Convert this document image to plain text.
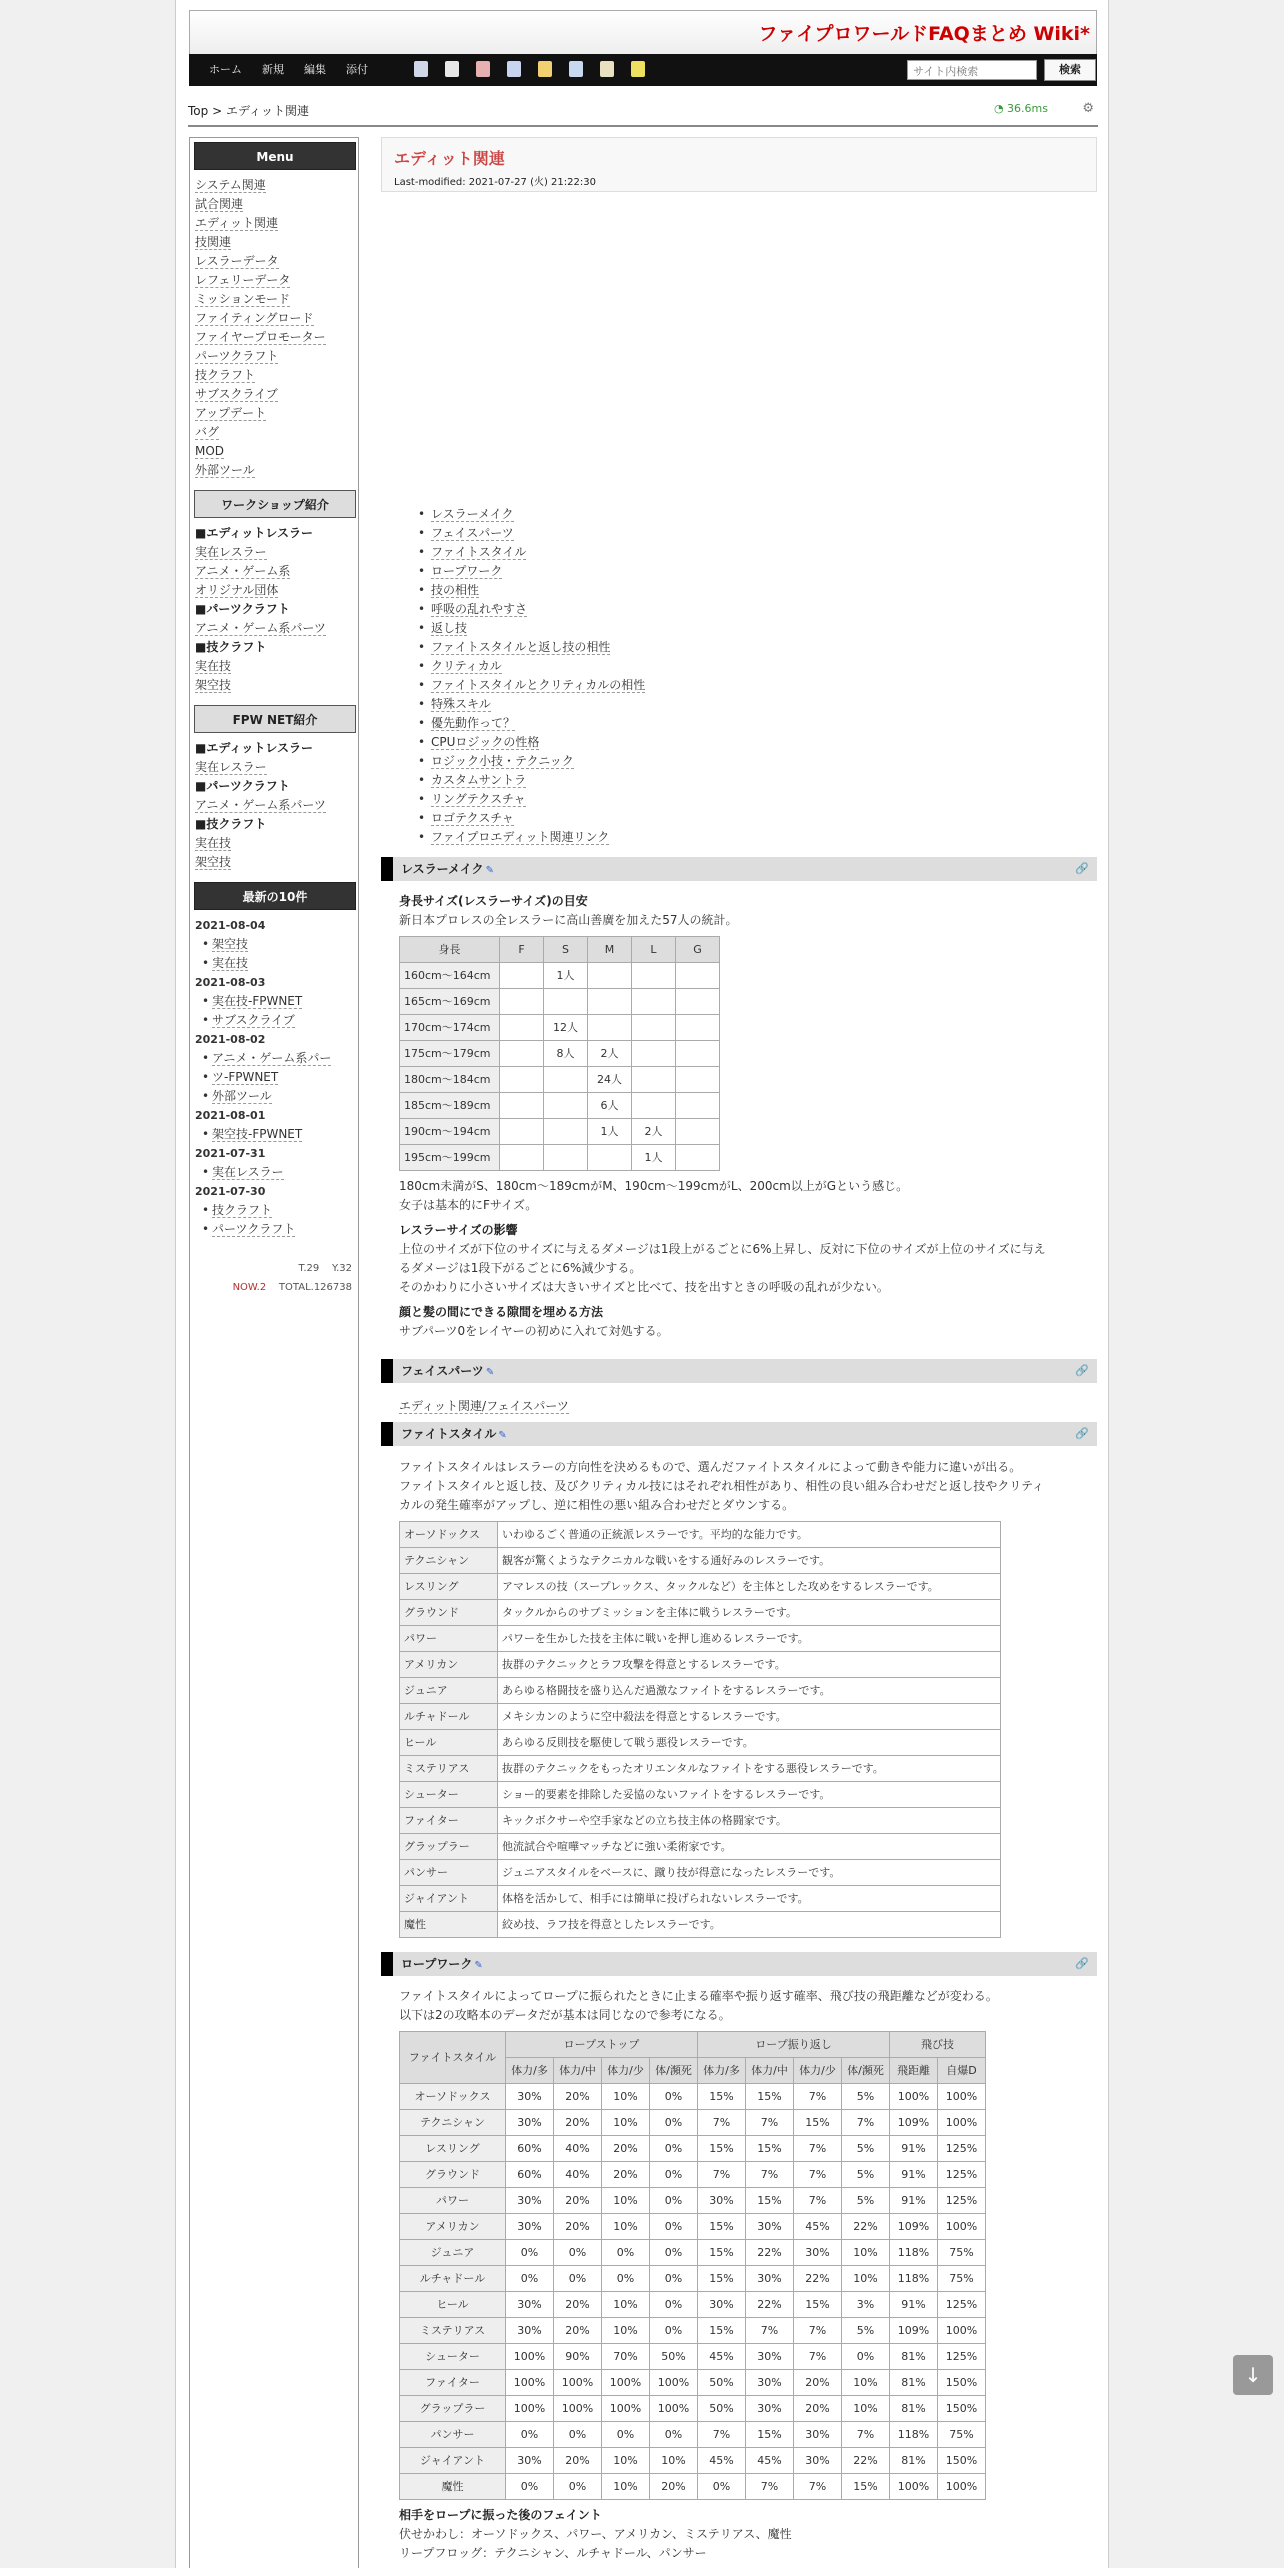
ファイプロワールドFAQまとめ Wiki*
ホーム	新規	編集	添付	サイト内検索	検索
Top > エディット関連	◔ 36.6ms	⚙
Menu
システム関連
試合関連
エディット関連
技関連
レスラーデータ
レフェリーデータ
ミッションモード
ファイティングロード
ファイヤープロモーター
パーツクラフト
技クラフト
サブスクライブ
アップデート
バグ
MOD
外部ツール
ワークショップ紹介
■エディットレスラー
実在レスラー
アニメ・ゲーム系
オリジナル団体
■パーツクラフト
アニメ・ゲーム系パーツ
■技クラフト
実在技
架空技
FPW NET紹介
■エディットレスラー
実在レスラー
■パーツクラフト
アニメ・ゲーム系パーツ
■技クラフト
実在技
架空技
最新の10件
2021-08-04
• 架空技
• 実在技
2021-08-03
• 実在技-FPWNET
• サブスクライブ
2021-08-02
• アニメ・ゲーム系パー
• ツ-FPWNET
• 外部ツール
2021-08-01
• 架空技-FPWNET
2021-07-31
• 実在レスラー
2021-07-30
• 技クラフト
• パーツクラフト
T.29 Y.32
NOW.2 TOTAL.126738
エディット関連
Last-modified: 2021-07-27 (火) 21:22:30
• レスラーメイク
• フェイスパーツ
• ファイトスタイル
• ロープワーク
• 技の相性
• 呼吸の乱れやすさ
• 返し技
• ファイトスタイルと返し技の相性
• クリティカル
• ファイトスタイルとクリティカルの相性
• 特殊スキル
• 優先動作って？
• CPUロジックの性格
• ロジック小技・テクニック
• カスタムサントラ
• リングテクスチャ
• ロゴテクスチャ
• ファイプロエディット関連リンク
レスラーメイク ✎	🔗
身長サイズ(レスラーサイズ)の目安
新日本プロレスの全レスラーに高山善廣を加えた57人の統計。
身長	F	S	M	L	G
160cm～164cm		1人			
165cm～169cm					
170cm～174cm		12人			
175cm～179cm		8人	2人		
180cm～184cm			24人		
185cm～189cm			6人		
190cm～194cm			1人	2人	
195cm～199cm				1人	
180cm未満がS、180cm～189cmがM、190cm～199cmがL、200cm以上がGという感じ。
女子は基本的にFサイズ。
レスラーサイズの影響
上位のサイズが下位のサイズに与えるダメージは1段上がるごとに6%上昇し、反対に下位のサイズが上位のサイズに与え
るダメージは1段下がるごとに6%減少する。
そのかわりに小さいサイズは大きいサイズと比べて、技を出すときの呼吸の乱れが少ない。
顔と髪の間にできる隙間を埋める方法
サブパーツ0をレイヤーの初めに入れて対処する。
フェイスパーツ ✎	🔗
エディット関連/フェイスパーツ
ファイトスタイル ✎	🔗
ファイトスタイルはレスラーの方向性を決めるもので、選んだファイトスタイルによって動きや能力に違いが出る。
ファイトスタイルと返し技、及びクリティカル技にはそれぞれ相性があり、相性の良い組み合わせだと返し技やクリティ
カルの発生確率がアップし、逆に相性の悪い組み合わせだとダウンする。
オーソドックス	いわゆるごく普通の正統派レスラーです。平均的な能力です。
テクニシャン	観客が驚くようなテクニカルな戦いをする通好みのレスラーです。
レスリング	アマレスの技（スープレックス、タックルなど）を主体とした攻めをするレスラーです。
グラウンド	タックルからのサブミッションを主体に戦うレスラーです。
パワー	パワーを生かした技を主体に戦いを押し進めるレスラーです。
アメリカン	抜群のテクニックとラフ攻撃を得意とするレスラーです。
ジュニア	あらゆる格闘技を盛り込んだ過激なファイトをするレスラーです。
ルチャドール	メキシカンのように空中殺法を得意とするレスラーです。
ヒール	あらゆる反則技を駆使して戦う悪役レスラーです。
ミステリアス	抜群のテクニックをもったオリエンタルなファイトをする悪役レスラーです。
シューター	ショー的要素を排除した妥協のないファイトをするレスラーです。
ファイター	キックボクサーや空手家などの立ち技主体の格闘家です。
グラップラー	他流試合や喧嘩マッチなどに強い柔術家です。
パンサー	ジュニアスタイルをベースに、蹴り技が得意になったレスラーです。
ジャイアント	体格を活かして、相手には簡単に投げられないレスラーです。
魔性	絞め技、ラフ技を得意としたレスラーです。
ロープワーク ✎	🔗
ファイトスタイルによってロープに振られたときに止まる確率や振り返す確率、飛び技の飛距離などが変わる。
以下は2の攻略本のデータだが基本は同じなので参考になる。
ファイトスタイル	ロープストップ				ロープ振り返し				飛び技	
	体力/多	体力/中	体力/少	体/瀕死	体力/多	体力/中	体力/少	体/瀕死	飛距離	自爆D
オーソドックス	30%	20%	10%	0%	15%	15%	7%	5%	100%	100%
テクニシャン	30%	20%	10%	0%	7%	7%	15%	7%	109%	100%
レスリング	60%	40%	20%	0%	15%	15%	7%	5%	91%	125%
グラウンド	60%	40%	20%	0%	7%	7%	7%	5%	91%	125%
パワー	30%	20%	10%	0%	30%	15%	7%	5%	91%	125%
アメリカン	30%	20%	10%	0%	15%	30%	45%	22%	109%	100%
ジュニア	0%	0%	0%	0%	15%	22%	30%	10%	118%	75%
ルチャドール	0%	0%	0%	0%	15%	30%	22%	10%	118%	75%
ヒール	30%	20%	10%	0%	30%	22%	15%	3%	91%	125%
ミステリアス	30%	20%	10%	0%	15%	7%	7%	5%	109%	100%
シューター	100%	90%	70%	50%	45%	30%	7%	0%	81%	125%
ファイター	100%	100%	100%	100%	50%	30%	20%	10%	81%	150%
グラップラー	100%	100%	100%	100%	50%	30%	20%	10%	81%	150%
パンサー	0%	0%	0%	0%	7%	15%	30%	7%	118%	75%
ジャイアント	30%	20%	10%	10%	45%	45%	30%	22%	81%	150%
魔性	0%	0%	10%	20%	0%	7%	7%	15%	100%	100%
相手をロープに振った後のフェイント
伏せかわし：オーソドックス、パワー、アメリカン、ミステリアス、魔性
リープフロッグ：テクニシャン、ルチャドール、パンサー
↓
